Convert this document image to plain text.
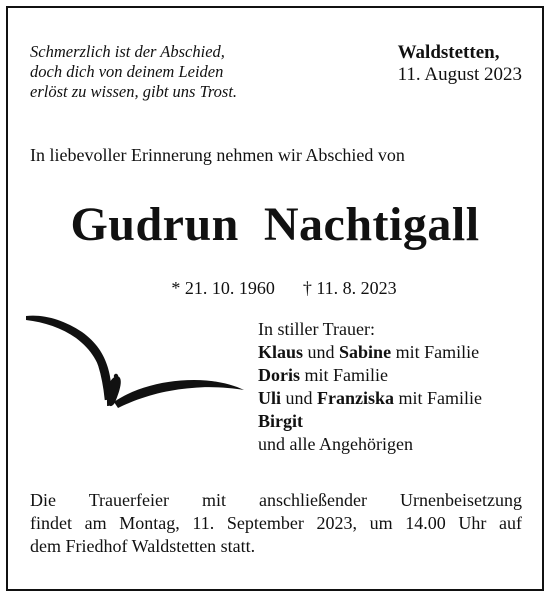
Schmerzlich ist der Abschied,
doch dich von deinem Leiden
erlöst zu wissen, gibt uns Trost.
Waldstetten,
11. August 2023
In liebevoller Erinnerung nehmen wir Abschied von
Gudrun  Nachtigall

* 21. 10. 1960 † 11. 8. 2023

In stiller Trauer:
Klaus und Sabine mit Familie
Doris mit Familie
Uli und Franziska mit Familie
Birgit
und alle Angehörigen
Die Trauerfeier mit anschließender Urnenbeisetzung
findet am Montag, 11. September 2023, um 14.00 Uhr auf
dem Friedhof Waldstetten statt.
